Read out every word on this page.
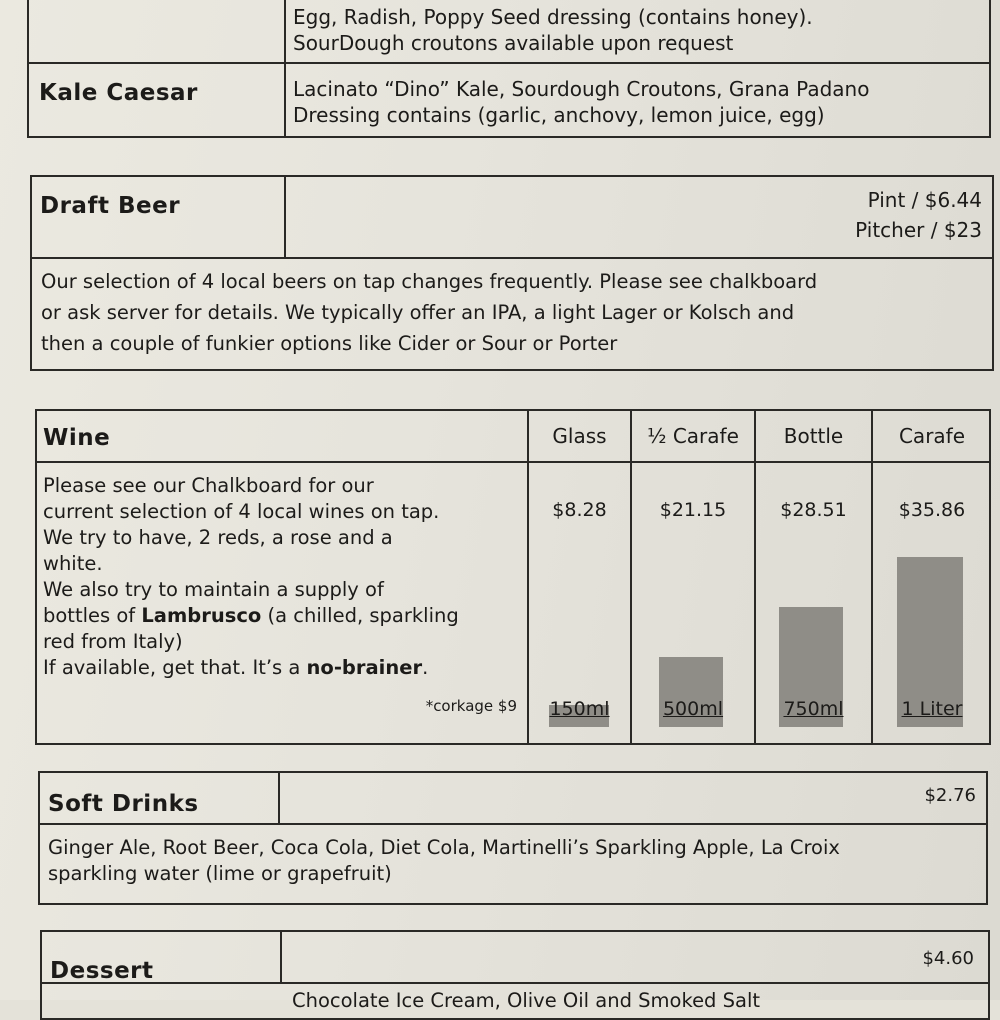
Egg, Radish, Poppy Seed dressing (contains honey).
SourDough croutons available upon request
Kale Caesar	Lacinato “Dino” Kale, Sourdough Croutons, Grana Padano
Dressing contains (garlic, anchovy, lemon juice, egg)
Draft Beer	Pint / $6.44
Pitcher / $23
Our selection of 4 local beers on tap changes frequently. Please see chalkboard
or ask server for details. We typically offer an IPA, a light Lager or Kolsch and
then a couple of funkier options like Cider or Sour or Porter
Wine	Glass	½ Carafe	Bottle	Carafe
$8.28	$21.15	$28.51	$35.86
150ml	500ml	750ml	1 Liter
Please see our Chalkboard for our
current selection of 4 local wines on tap.
We try to have, 2 reds, a rose and a
white.
We also try to maintain a supply of
bottles of Lambrusco (a chilled, sparkling
red from Italy)
If available, get that. It’s a no-brainer.
*corkage $9
Soft Drinks	$2.76
Ginger Ale, Root Beer, Coca Cola, Diet Cola, Martinelli’s Sparkling Apple, La Croix
sparkling water (lime or grapefruit)
Dessert	$4.60
Chocolate Ice Cream, Olive Oil and Smoked Salt
